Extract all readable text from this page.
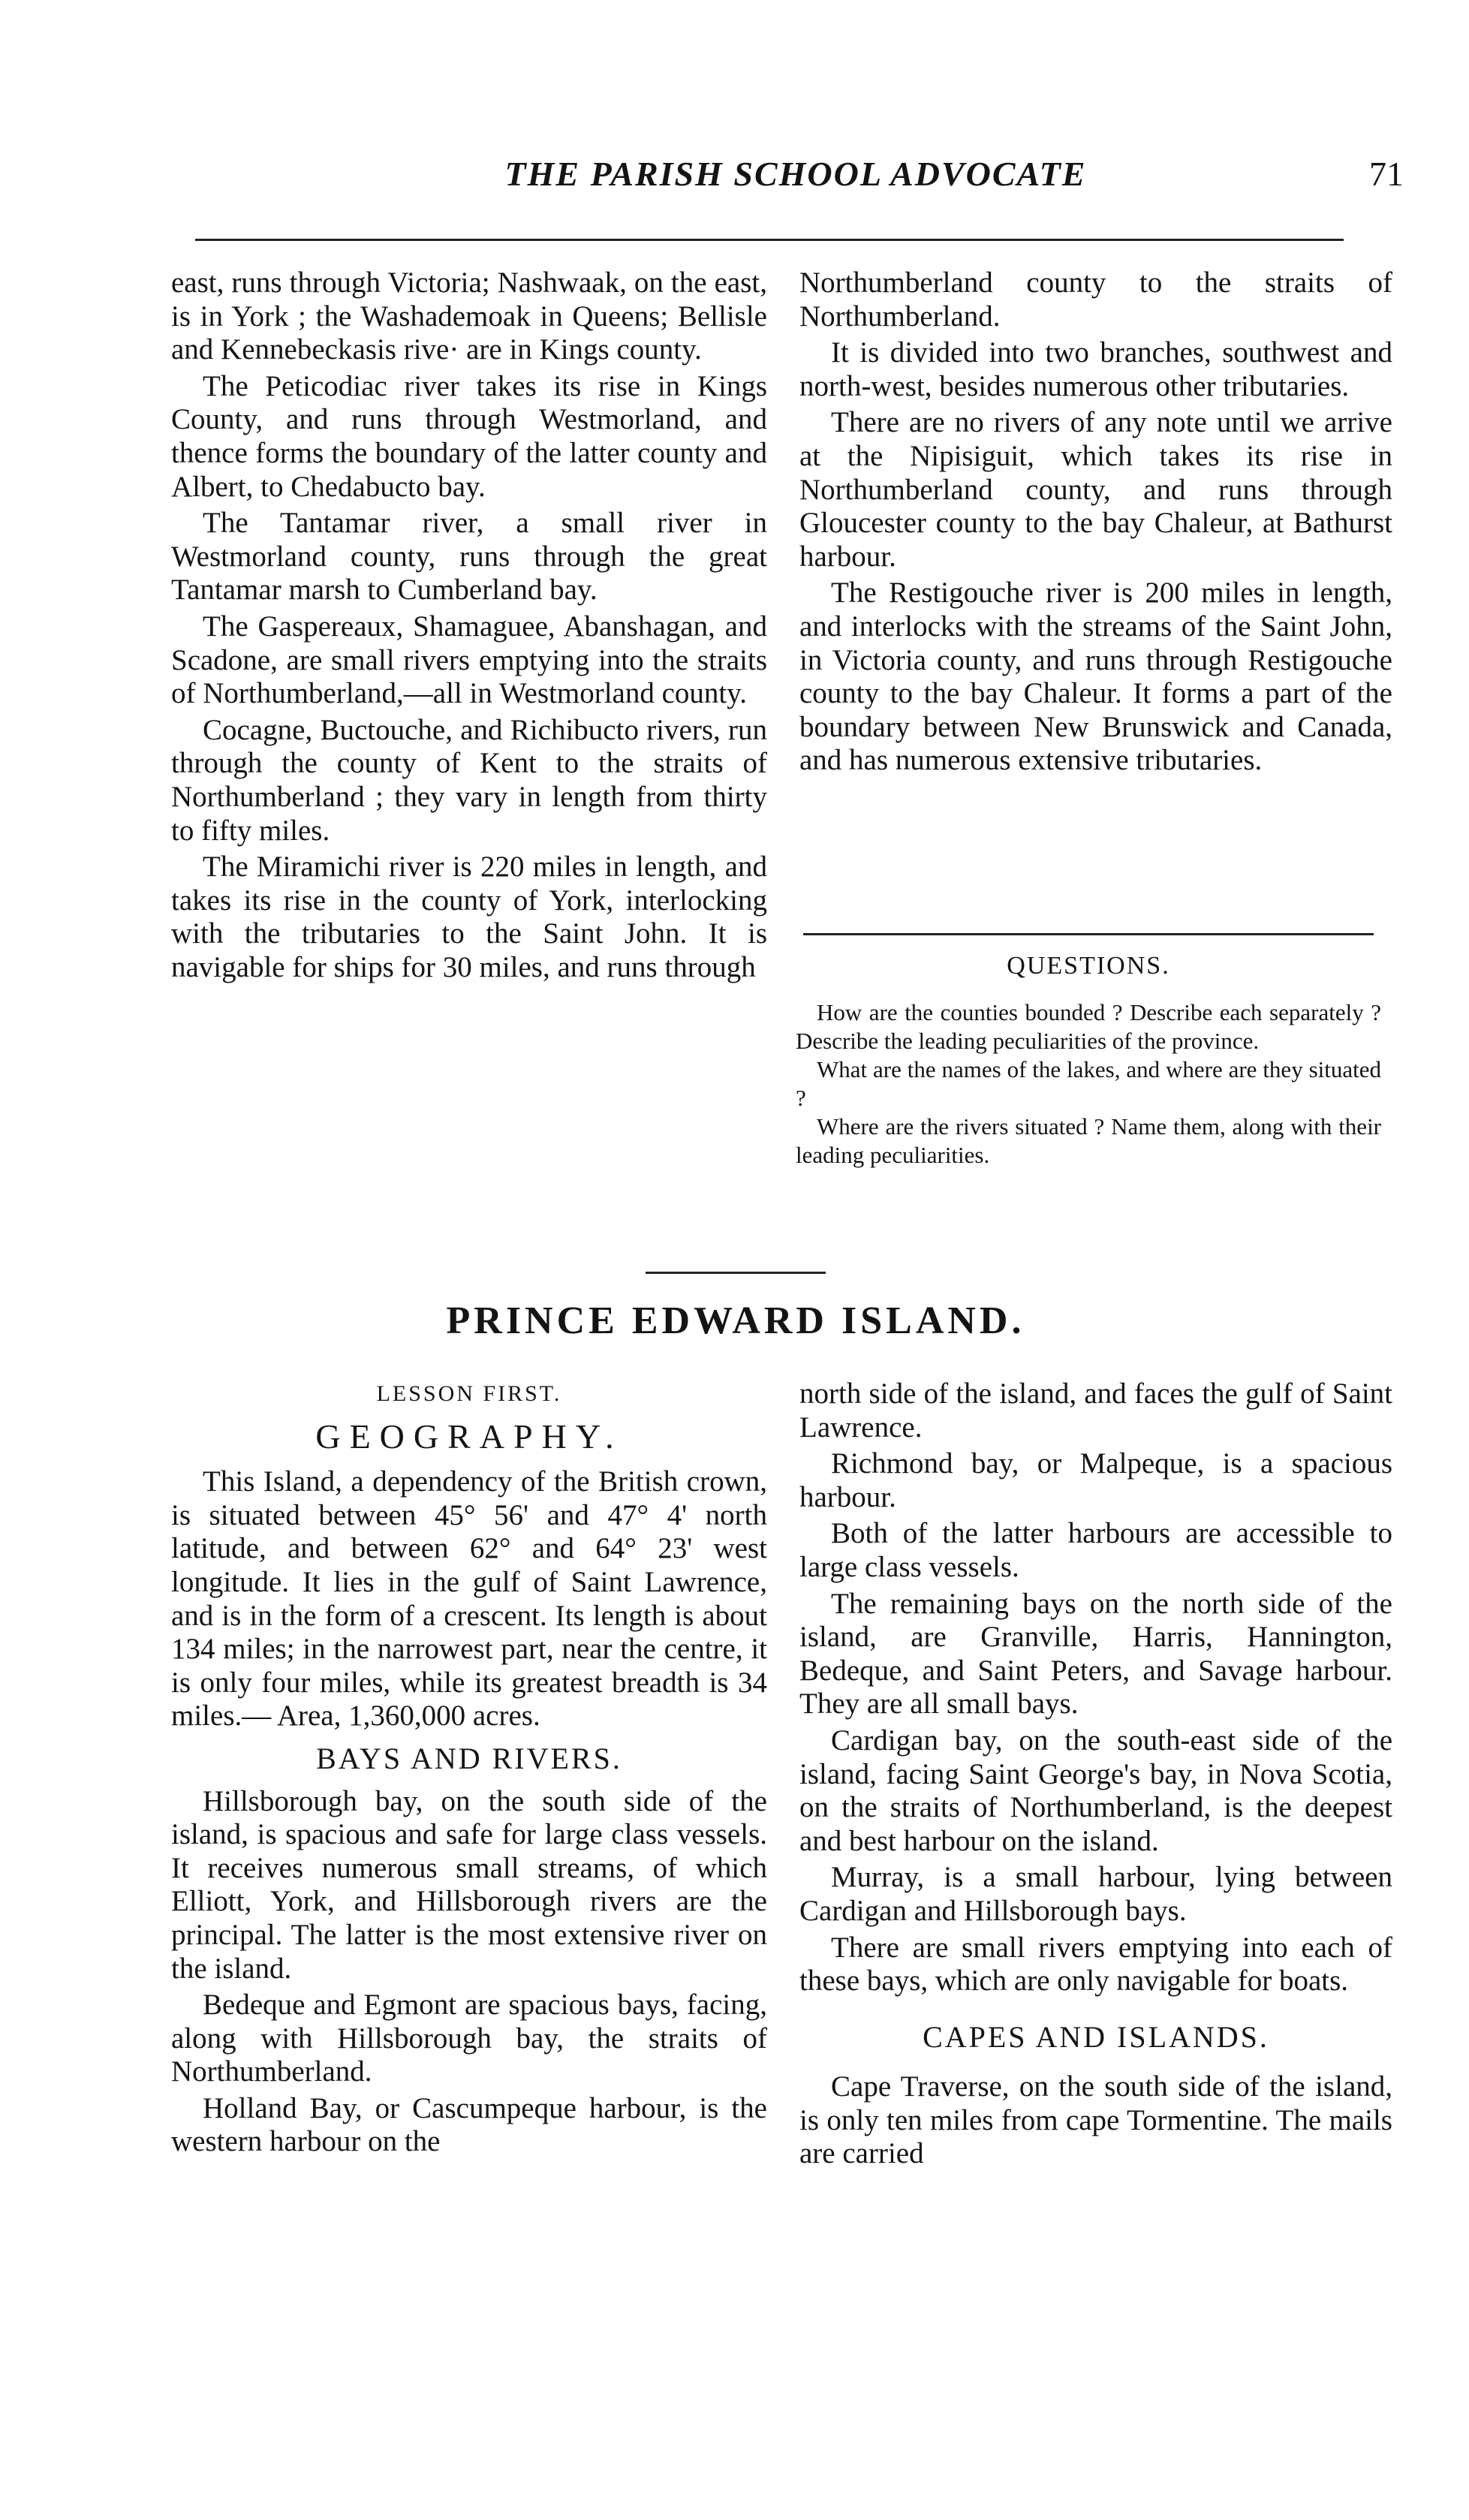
THE PARISH SCHOOL ADVOCATE	71

east, runs through Victoria; Nashwaak, on the east, is in York ; the Washademoak in Queens; Bellisle and Kennebeckasis rive· are in Kings county.

The Peticodiac river takes its rise in Kings County, and runs through Westmorland, and thence forms the boundary of the latter county and Albert, to Chedabucto bay.

The Tantamar river, a small river in Westmorland county, runs through the great Tantamar marsh to Cumberland bay.

The Gaspereaux, Shamaguee, Abanshagan, and Scadone, are small rivers emptying into the straits of Northumberland,—all in Westmorland county.

Cocagne, Buctouche, and Richibucto rivers, run through the county of Kent to the straits of Northumberland ; they vary in length from thirty to fifty miles.

The Miramichi river is 220 miles in length, and takes its rise in the county of York, interlocking with the tributaries to the Saint John. It is navigable for ships for 30 miles, and runs through

Northumberland county to the straits of Northumberland.

It is divided into two branches, southwest and north-west, besides numerous other tributaries.

There are no rivers of any note until we arrive at the Nipisiguit, which takes its rise in Northumberland county, and runs through Gloucester county to the bay Chaleur, at Bathurst harbour.

The Restigouche river is 200 miles in length, and interlocks with the streams of the Saint John, in Victoria county, and runs through Restigouche county to the bay Chaleur. It forms a part of the boundary between New Brunswick and Canada, and has numerous extensive tributaries.

QUESTIONS.

How are the counties bounded ? Describe each separately ? Describe the leading peculiarities of the province.

What are the names of the lakes, and where are they situated ?

Where are the rivers situated ? Name them, along with their leading peculiarities.

PRINCE EDWARD ISLAND.
LESSON FIRST.
GEOGRAPHY.

This Island, a dependency of the British crown, is situated between 45° 56' and 47° 4' north latitude, and between 62° and 64° 23' west longitude. It lies in the gulf of Saint Lawrence, and is in the form of a crescent. Its length is about 134 miles; in the narrowest part, near the centre, it is only four miles, while its greatest breadth is 34 miles.— Area, 1,360,000 acres.

BAYS AND RIVERS.

Hillsborough bay, on the south side of the island, is spacious and safe for large class vessels. It receives numerous small streams, of which Elliott, York, and Hillsborough rivers are the principal. The latter is the most extensive river on the island.

Bedeque and Egmont are spacious bays, facing, along with Hillsborough bay, the straits of Northumberland.

Holland Bay, or Cascumpeque harbour, is the western harbour on the

north side of the island, and faces the gulf of Saint Lawrence.

Richmond bay, or Malpeque, is a spacious harbour.

Both of the latter harbours are accessible to large class vessels.

The remaining bays on the north side of the island, are Granville, Harris, Hannington, Bedeque, and Saint Peters, and Savage harbour. They are all small bays.

Cardigan bay, on the south-east side of the island, facing Saint George's bay, in Nova Scotia, on the straits of Northumberland, is the deepest and best harbour on the island.

Murray, is a small harbour, lying between Cardigan and Hillsborough bays.

There are small rivers emptying into each of these bays, which are only navigable for boats.

CAPES AND ISLANDS.

Cape Traverse, on the south side of the island, is only ten miles from cape Tormentine. The mails are carried
